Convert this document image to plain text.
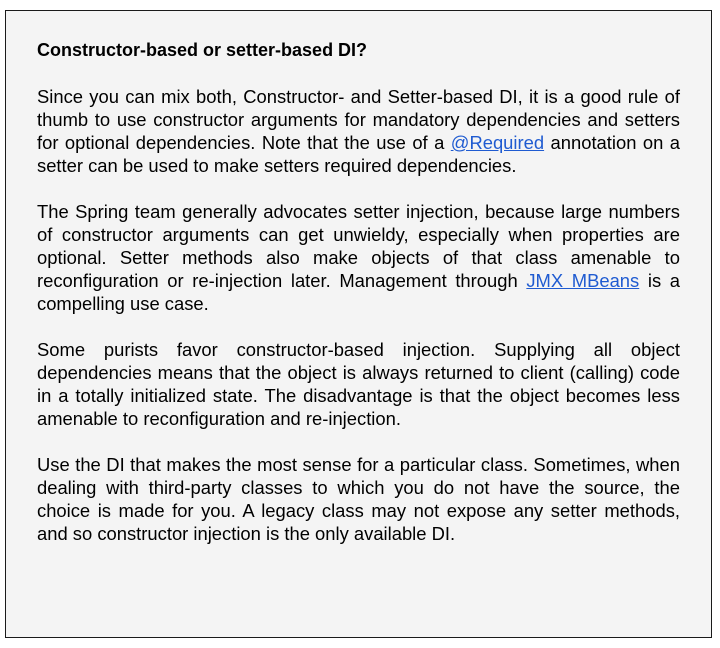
Constructor-based or setter-based DI?

Since you can mix both, Constructor- and Setter-based DI, it is a good rule of thumb to use constructor arguments for mandatory dependencies and setters for optional dependencies. Note that the use of a @Required annotation on a setter can be used to make setters required dependencies.

The Spring team generally advocates setter injection, because large numbers of constructor arguments can get unwieldy, especially when properties are optional. Setter methods also make objects of that class amenable to reconfiguration or re-injection later. Management through JMX MBeans is a compelling use case.

Some purists favor constructor-based injection. Supplying all object dependencies means that the object is always returned to client (calling) code in a totally initialized state. The disadvantage is that the object becomes less amenable to reconfiguration and re-injection.

Use the DI that makes the most sense for a particular class. Sometimes, when dealing with third-party classes to which you do not have the source, the choice is made for you. A legacy class may not expose any setter methods, and so constructor injection is the only available DI.
